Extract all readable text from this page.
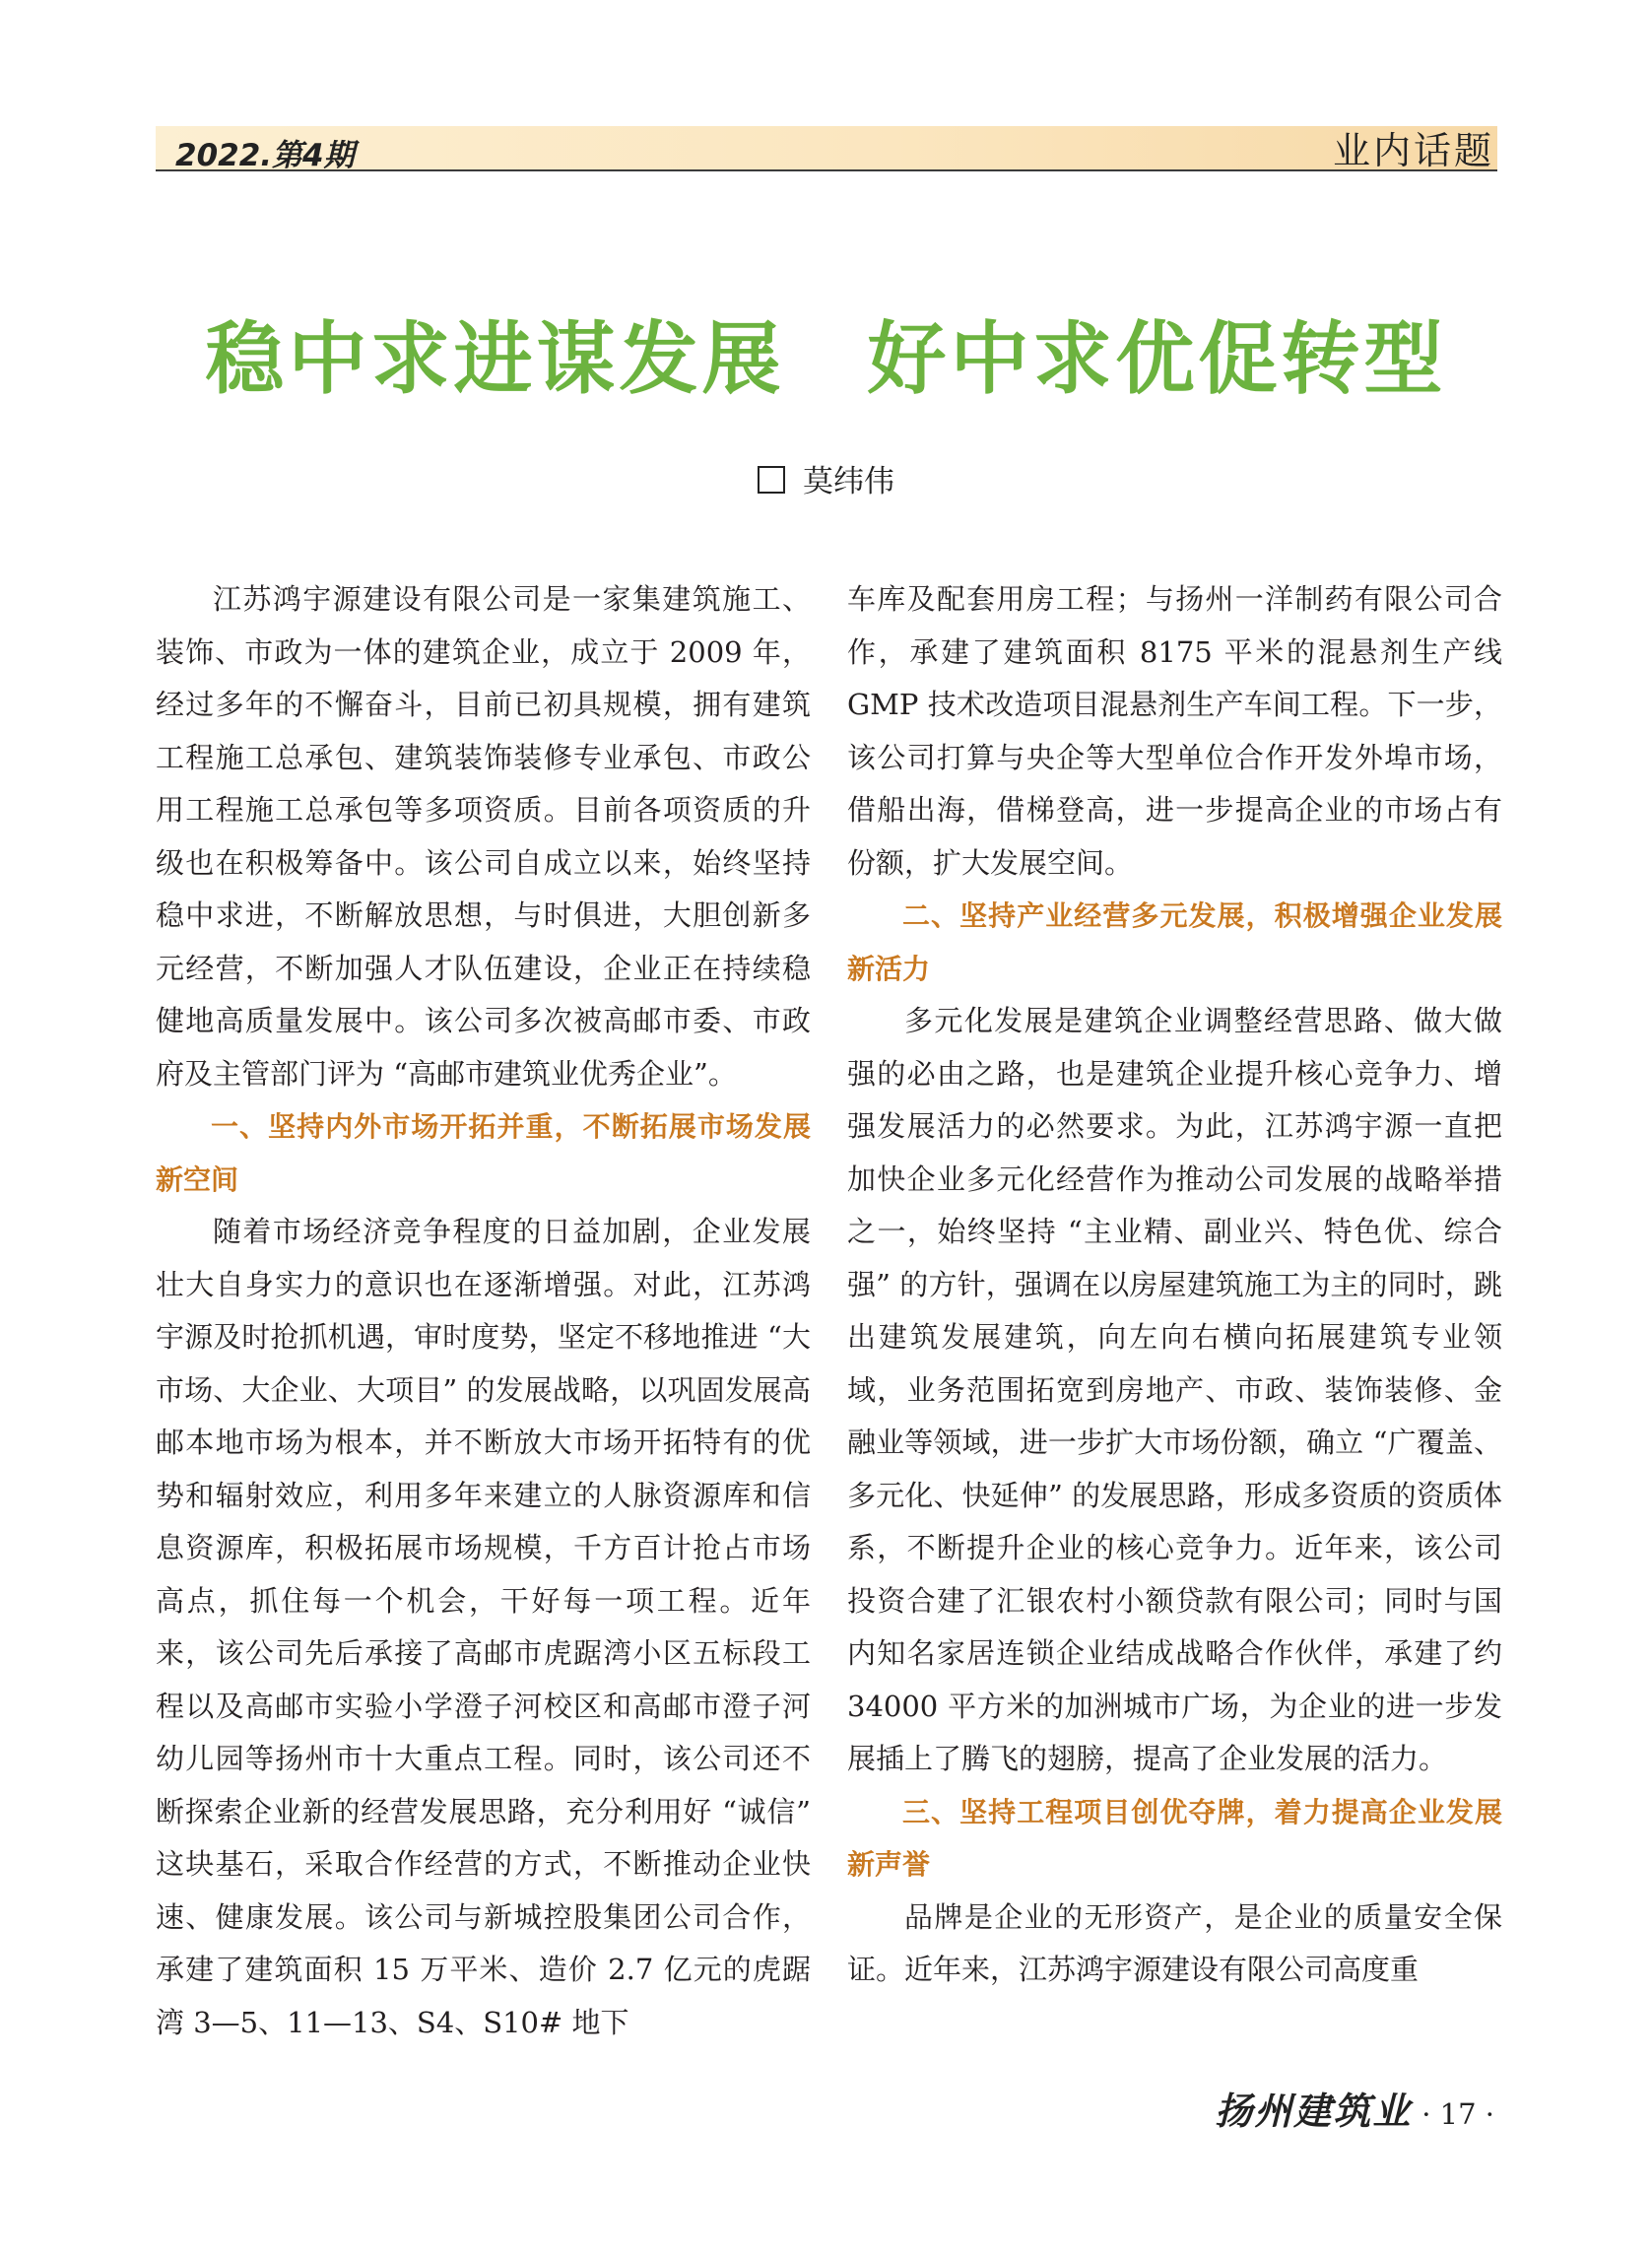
2022.第4期	业内话题
稳中求进谋发展　好中求优促转型
莫纬伟

江苏鸿宇源建设有限公司是一家集建筑施工、装饰、市政为一体的建筑企业，成立于 2009 年，经过多年的不懈奋斗，目前已初具规模，拥有建筑工程施工总承包、建筑装饰装修专业承包、市政公用工程施工总承包等多项资质。目前各项资质的升级也在积极筹备中。该公司自成立以来，始终坚持稳中求进，不断解放思想，与时俱进，大胆创新多元经营，不断加强人才队伍建设，企业正在持续稳健地高质量发展中。该公司多次被高邮市委、市政府及主管部门评为 “高邮市建筑业优秀企业”。

一、坚持内外市场开拓并重，不断拓展市场发展新空间

随着市场经济竞争程度的日益加剧，企业发展壮大自身实力的意识也在逐渐增强。对此，江苏鸿宇源及时抢抓机遇，审时度势，坚定不移地推进 “大市场、大企业、大项目” 的发展战略，以巩固发展高邮本地市场为根本，并不断放大市场开拓特有的优势和辐射效应，利用多年来建立的人脉资源库和信息资源库，积极拓展市场规模，千方百计抢占市场高点，抓住每一个机会，干好每一项工程。近年来，该公司先后承接了高邮市虎踞湾小区五标段工程以及高邮市实验小学澄子河校区和高邮市澄子河幼儿园等扬州市十大重点工程。同时，该公司还不断探索企业新的经营发展思路，充分利用好 “诚信” 这块基石，采取合作经营的方式，不断推动企业快速、健康发展。该公司与新城控股集团公司合作，承建了建筑面积 15 万平米、造价 2.7 亿元的虎踞湾 3—5、11—13、S4、S10# 地下

车库及配套用房工程；与扬州一洋制药有限公司合作，承建了建筑面积 8175 平米的混悬剂生产线 GMP 技术改造项目混悬剂生产车间工程。下一步，该公司打算与央企等大型单位合作开发外埠市场，借船出海，借梯登高，进一步提高企业的市场占有份额，扩大发展空间。

二、坚持产业经营多元发展，积极增强企业发展新活力

多元化发展是建筑企业调整经营思路、做大做强的必由之路，也是建筑企业提升核心竞争力、增强发展活力的必然要求。为此，江苏鸿宇源一直把加快企业多元化经营作为推动公司发展的战略举措之一，始终坚持 “主业精、副业兴、特色优、综合强” 的方针，强调在以房屋建筑施工为主的同时，跳出建筑发展建筑，向左向右横向拓展建筑专业领域，业务范围拓宽到房地产、市政、装饰装修、金融业等领域，进一步扩大市场份额，确立 “广覆盖、多元化、快延伸” 的发展思路，形成多资质的资质体系，不断提升企业的核心竞争力。近年来，该公司投资合建了汇银农村小额贷款有限公司；同时与国内知名家居连锁企业结成战略合作伙伴，承建了约 34000 平方米的加洲城市广场，为企业的进一步发展插上了腾飞的翅膀，提高了企业发展的活力。

三、坚持工程项目创优夺牌，着力提高企业发展新声誉

品牌是企业的无形资产，是企业的质量安全保证。近年来，江苏鸿宇源建设有限公司高度重

扬州建筑业 · 17 ·
